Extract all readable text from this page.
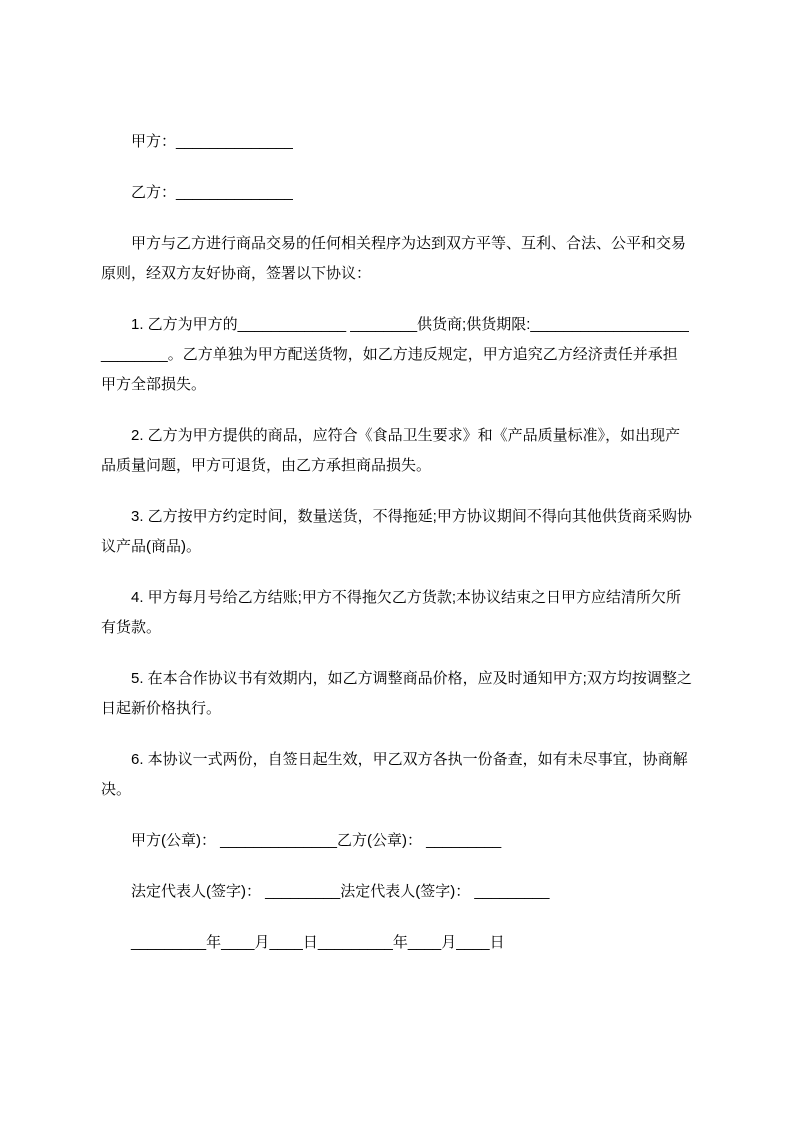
甲方：______________

乙方：______________

甲方与乙方进行商品交易的任何相关程序为达到双方平等、互利、合法、公平和交易原则，经双方友好协商，签署以下协议：

1. 乙方为甲方的_____________ ________供货商;供货期限:___________________ ________。乙方单独为甲方配送货物，如乙方违反规定，甲方追究乙方经济责任并承担甲方全部损失。

2. 乙方为甲方提供的商品，应符合《食品卫生要求》和《产品质量标准》，如出现产品质量问题，甲方可退货，由乙方承担商品损失。

3. 乙方按甲方约定时间，数量送货，不得拖延;甲方协议期间不得向其他供货商采购协议产品(商品)。

4. 甲方每月号给乙方结账;甲方不得拖欠乙方货款;本协议结束之日甲方应结清所欠所有货款。

5. 在本合作协议书有效期内，如乙方调整商品价格，应及时通知甲方;双方均按调整之日起新价格执行。

6. 本协议一式两份，自签日起生效，甲乙双方各执一份备查，如有未尽事宜，协商解决。

甲方(公章)： ______________乙方(公章)： _________

法定代表人(签字)： _________法定代表人(签字)： _________

_________年____月____日_________年____月____日
